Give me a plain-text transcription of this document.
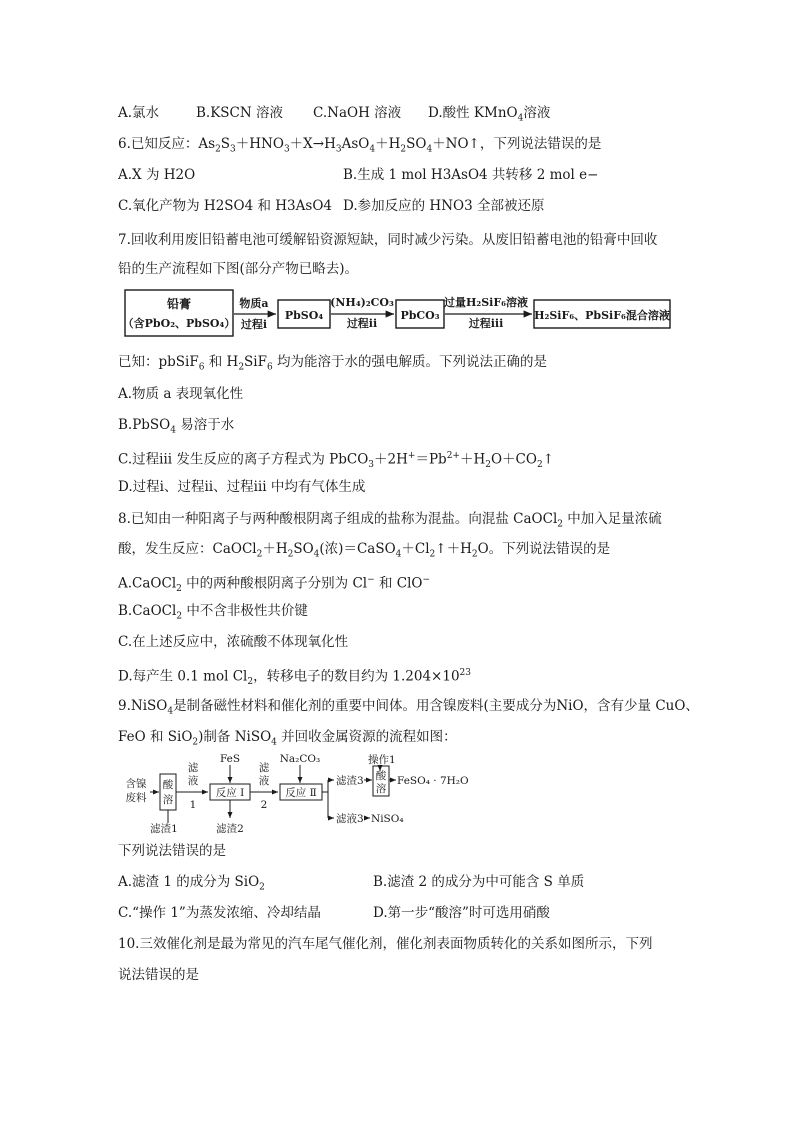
A.氯水	B.KSCN 溶液 C.NaOH 溶液 D.酸性 KMnO$_4$溶液
6.已知反应：$As_2S_3+HNO_3+X\to H_3AsO_4+H_2SO_4+NO↑$，下列说法错误的是
A.X 为 H2O	B.生成 1 mol H3AsO4 共转移 2 mol e−
C.氧化产物为 H2SO4 和 H3AsO4 D.参加反应的 HNO3 全部被还原
7.回收利用废旧铅蓄电池可缓解铅资源短缺，同时减少污染。从废旧铅蓄电池的铅膏中回收
铅的生产流程如下图(部分产物已略去)。
铅膏
（含PbO₂、PbSO₄）
物质a
过程i
PbSO₄
(NH₄)₂CO₃
过程ii
PbCO₃
过量H₂SiF₆溶液
过程iii
H₂SiF₆、PbSiF₆混合溶液
已知：pbSiF$_6$ 和 $H_2SiF_6$ 均为能溶于水的强电解质。下列说法正确的是
A.物质 a 表现氧化性
B.PbSO$_4$ 易溶于水
C.过程ⅲ 发生反应的离子方程式为 $PbCO_3+2H^+=Pb^{2+}+H_2O+CO_2↑$
D.过程ⅰ、过程ⅱ、过程ⅲ 中均有气体生成
8.已知由一种阳离子与两种酸根阴离子组成的盐称为混盐。向混盐 CaOCl$_2$ 中加入足量浓硫
酸，发生反应：$CaOCl_2+H_2SO_4$(浓)$=CaSO_4+Cl_2↑+H_2O$。下列说法错误的是
A.CaOCl$_2$ 中的两种酸根阴离子分别为 Cl− 和 ClO−
B.CaOCl$_2$ 中不含非极性共价键
C.在上述反应中，浓硫酸不体现氧化性
D.每产生 0.1 mol $Cl_2$，转移电子的数目约为 $1.204\times 10^{23}$
9.NiSO$_4$是制备磁性材料和催化剂的重要中间体。用含镍废料(主要成分为NiO，含有少量 CuO、
FeO 和 SiO$_2$)制备 NiSO$_4$ 并回收金属资源的流程如图：
含镍
废料
酸
溶
滤渣1
滤
液
1
FeS
反应 Ⅰ
滤渣2
滤
液
2
Na₂CO₃
反应 Ⅱ
滤渣3
操作1
酸
溶
FeSO₄ · 7H₂O
滤液3 NiSO₄
下列说法错误的是
A.滤渣 1 的成分为 SiO$_2$	B.滤渣 2 的成分为中可能含 S 单质
C.“操作 1”为蒸发浓缩、冷却结晶	D.第一步“酸溶”时可选用硝酸
10.三效催化剂是最为常见的汽车尾气催化剂，催化剂表面物质转化的关系如图所示，下列
说法错误的是
